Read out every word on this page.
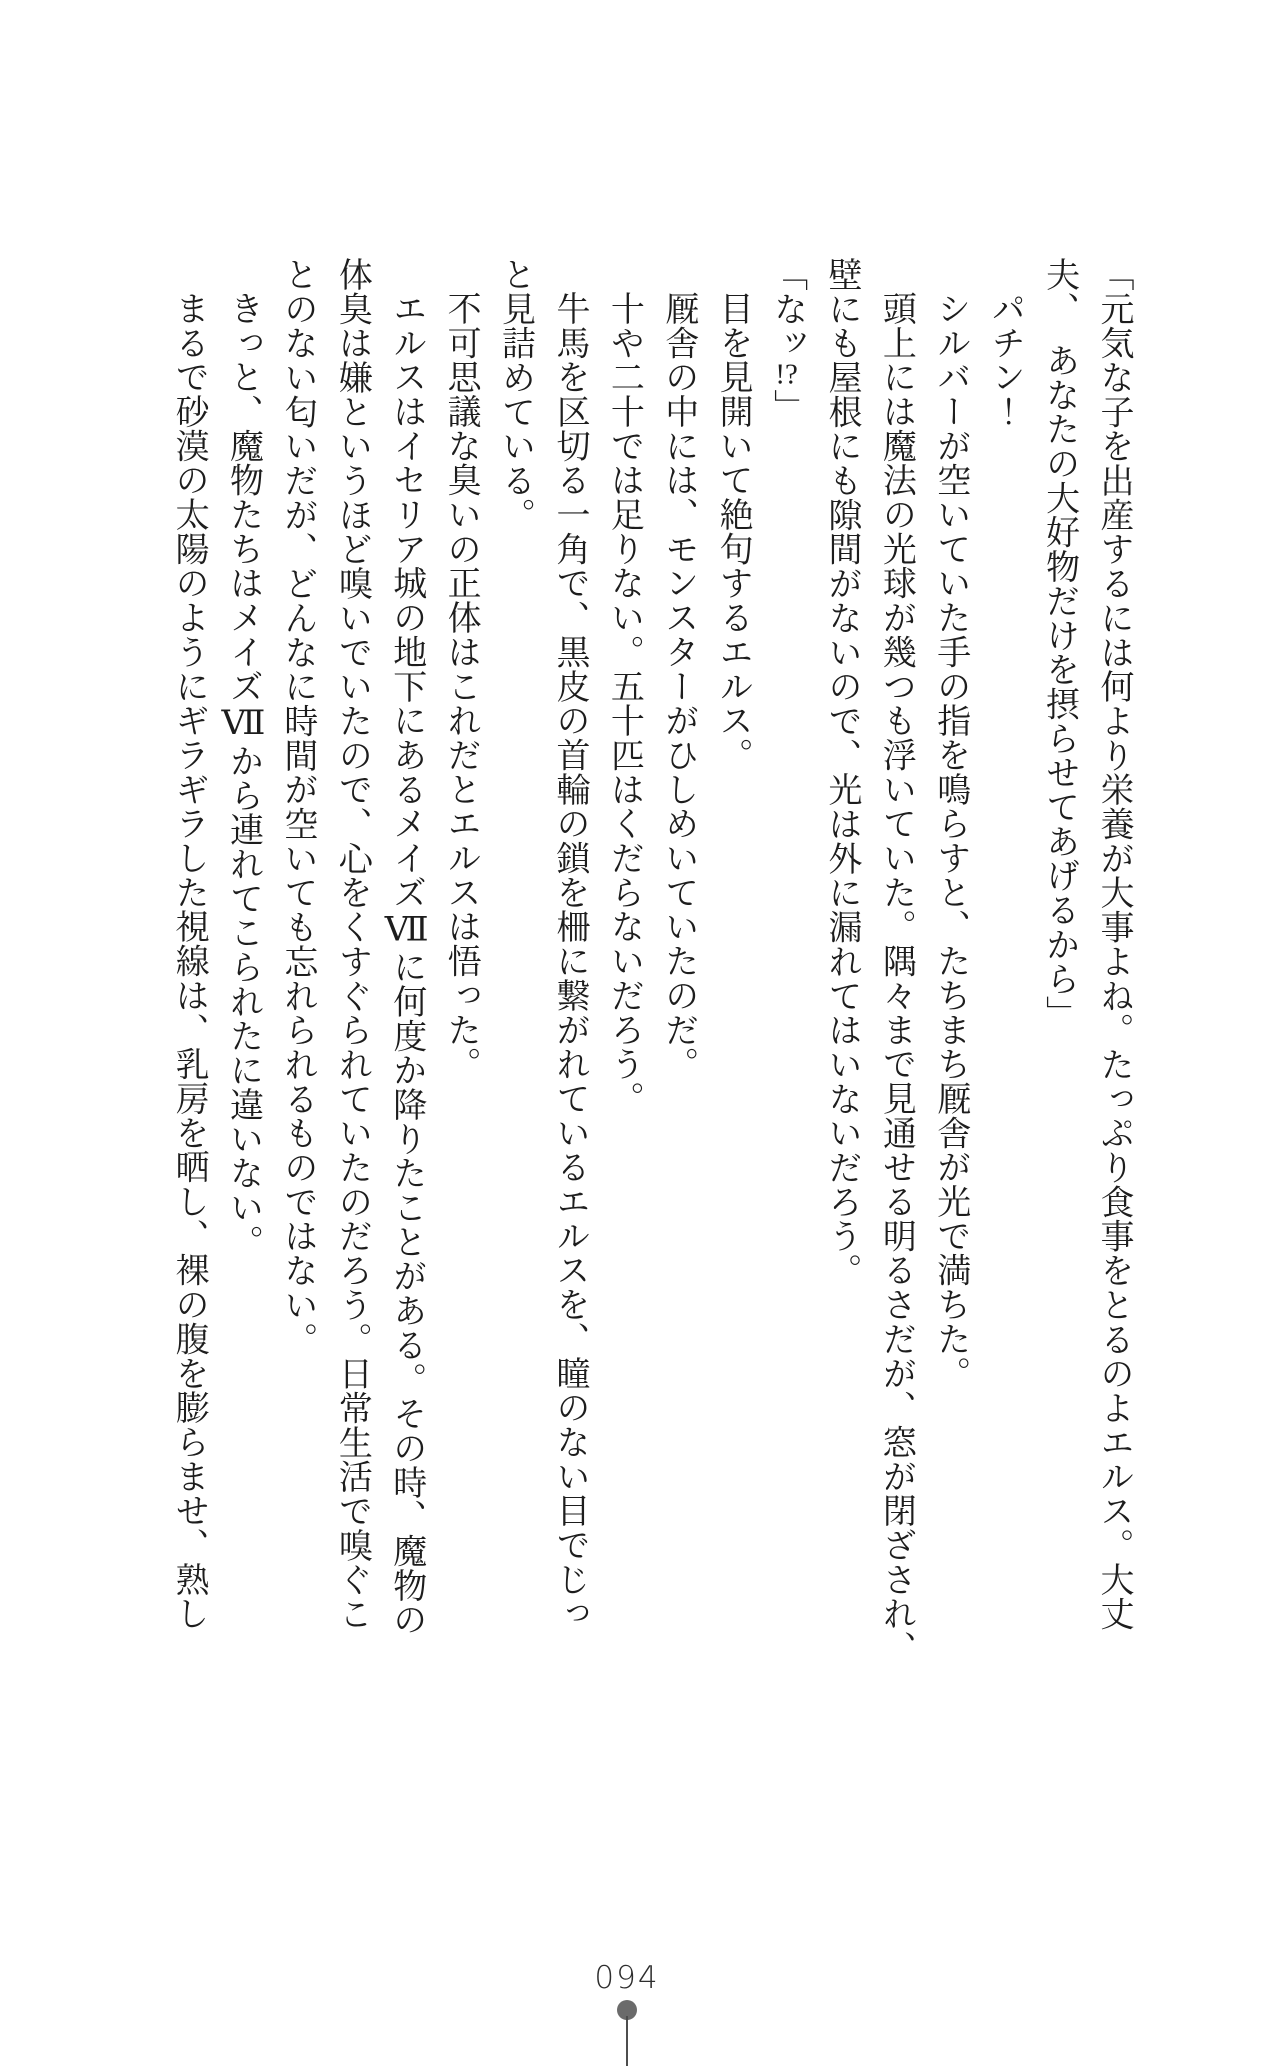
「元気な子を出産するには何より栄養が大事よね。たっぷり食事をとるのよエルス。大丈

夫、　あなたの大好物だけを摂らせてあげるから」

パチン！

シルバーが空いていた手の指を鳴らすと、たちまち厩舎が光で満ちた。

頭上には魔法の光球が幾つも浮いていた。隅々まで見通せる明るさだが、窓が閉ざされ、

壁にも屋根にも隙間がないので、光は外に漏れてはいないだろう。

「なッ!?」

目を見開いて絶句するエルス。

厩舎の中には、モンスターがひしめいていたのだ。

十や二十では足りない。五十匹はくだらないだろう。

牛馬を区切る一角で、黒皮の首輪の鎖を柵に繋がれているエルスを、瞳のない目でじっ

と見詰めている。

不可思議な臭いの正体はこれだとエルスは悟った。

エルスはイセリア城の地下にあるメイズⅦに何度か降りたことがある。その時、魔物の

体臭は嫌というほど嗅いでいたので、心をくすぐられていたのだろう。日常生活で嗅ぐこ

とのない匂いだが、どんなに時間が空いても忘れられるものではない。

きっと、魔物たちはメイズⅦから連れてこられたに違いない。

まるで砂漠の太陽のようにギラギラした視線は、乳房を晒し、裸の腹を膨らませ、熟し

094
